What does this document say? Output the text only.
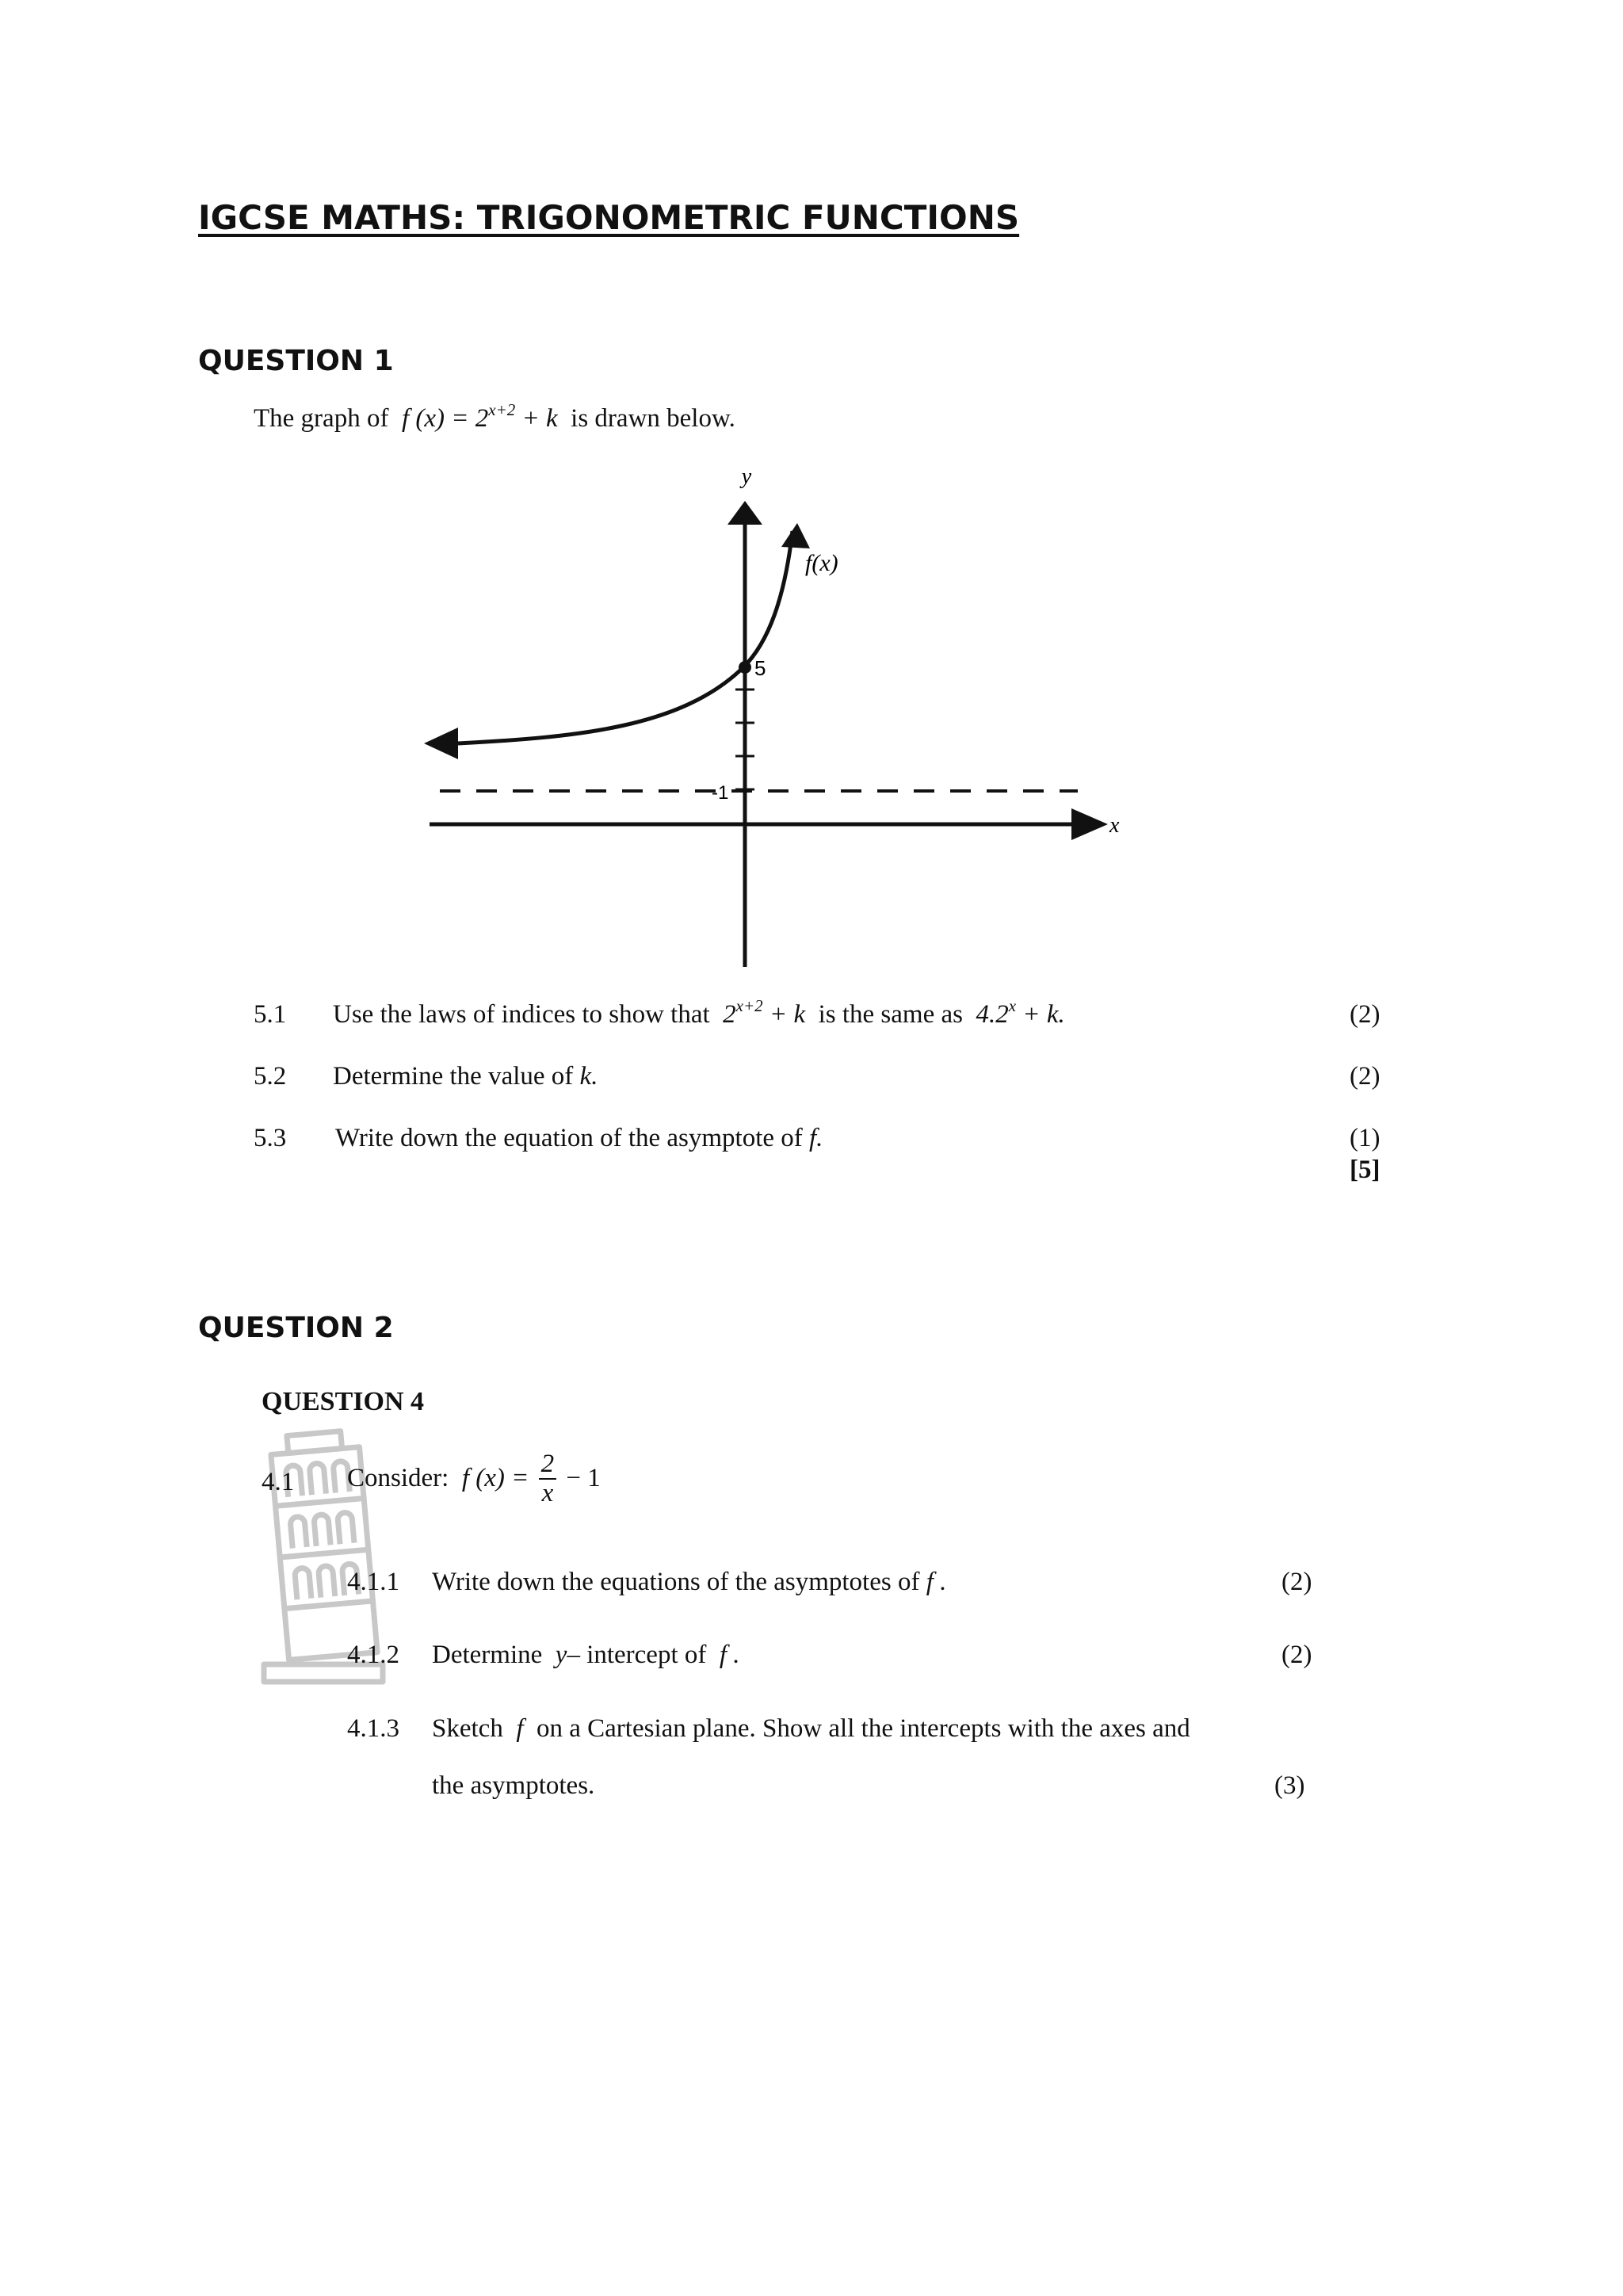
IGCSE MATHS: TRIGONOMETRIC FUNCTIONS
QUESTION 1
The graph of f $(x) = 2^{x+2} + k$ is drawn below.
y
x
f(x)
5
-1
5.1 Use the laws of indices to show that $2^{x+2} + k$ is the same as $4.2^x + k$.	(2)
5.2 Determine the value of k.	(2)
5.3 Write down the equation of the asymptote of f.	(1)
[5]
QUESTION 2
QUESTION 4
4.1 Consider: f $(x) = \frac{2}{x} - 1$
4.1.1 Write down the equations of the asymptotes of f .	(2)
4.1.2 Determine y– intercept of f .	(2)
4.1.3 Sketch f on a Cartesian plane. Show all the intercepts with the axes and
the asymptotes.	(3)
